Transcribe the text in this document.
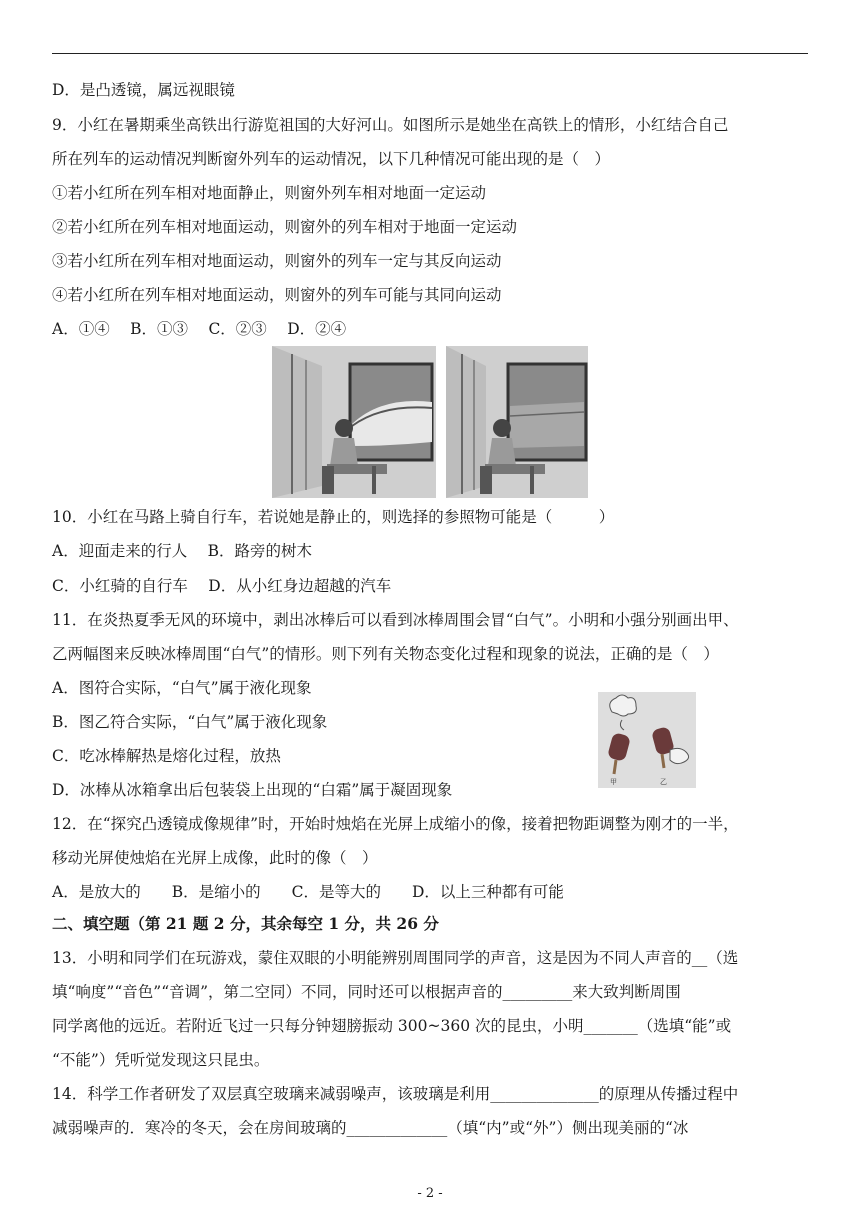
D．是凸透镜，属远视眼镜
9．小红在暑期乘坐高铁出行游览祖国的大好河山。如图所示是她坐在高铁上的情形，小红结合自己
所在列车的运动情况判断窗外列车的运动情况，以下几种情况可能出现的是（　）
①若小红所在列车相对地面静止，则窗外列车相对地面一定运动
②若小红所在列车相对地面运动，则窗外的列车相对于地面一定运动
③若小红所在列车相对地面运动，则窗外的列车一定与其反向运动
④若小红所在列车相对地面运动，则窗外的列车可能与其同向运动
A．①④　 B．①③　 C．②③　 D．②④
10．小红在马路上骑自行车，若说她是静止的，则选择的参照物可能是（　　　）
A．迎面走来的行人　 B．路旁的树木
C．小红骑的自行车　 D．从小红身边超越的汽车
11．在炎热夏季无风的环境中，剥出冰棒后可以看到冰棒周围会冒“白气”。小明和小强分别画出甲、
乙两幅图来反映冰棒周围“白气”的情形。则下列有关物态变化过程和现象的说法，正确的是（　）
A．图符合实际，“白气”属于液化现象
B．图乙符合实际，“白气”属于液化现象
C．吃冰棒解热是熔化过程，放热
D．冰棒从冰箱拿出后包装袋上出现的“白霜”属于凝固现象	甲	乙
12．在“探究凸透镜成像规律”时，开始时烛焰在光屏上成缩小的像，接着把物距调整为刚才的一半，
移动光屏使烛焰在光屏上成像，此时的像（　）
A．是放大的　　B．是缩小的　　C．是等大的　　D．以上三种都有可能
二、填空题（第 21 题 2 分，其余每空 1 分，共 26 分
13．小明和同学们在玩游戏，蒙住双眼的小明能辨别周围同学的声音，这是因为不同人声音的__（选
填“响度”“音色”“音调”，第二空同）不同，同时还可以根据声音的_________来大致判断周围
同学离他的远近。若附近飞过一只每分钟翅膀振动 300~360 次的昆虫，小明_______（选填“能”或
“不能”）凭听觉发现这只昆虫。
14．科学工作者研发了双层真空玻璃来减弱噪声，该玻璃是利用______________的原理从传播过程中
减弱噪声的．寒冷的冬天，会在房间玻璃的_____________（填“内”或“外”）侧出现美丽的“冰
- 2 -
